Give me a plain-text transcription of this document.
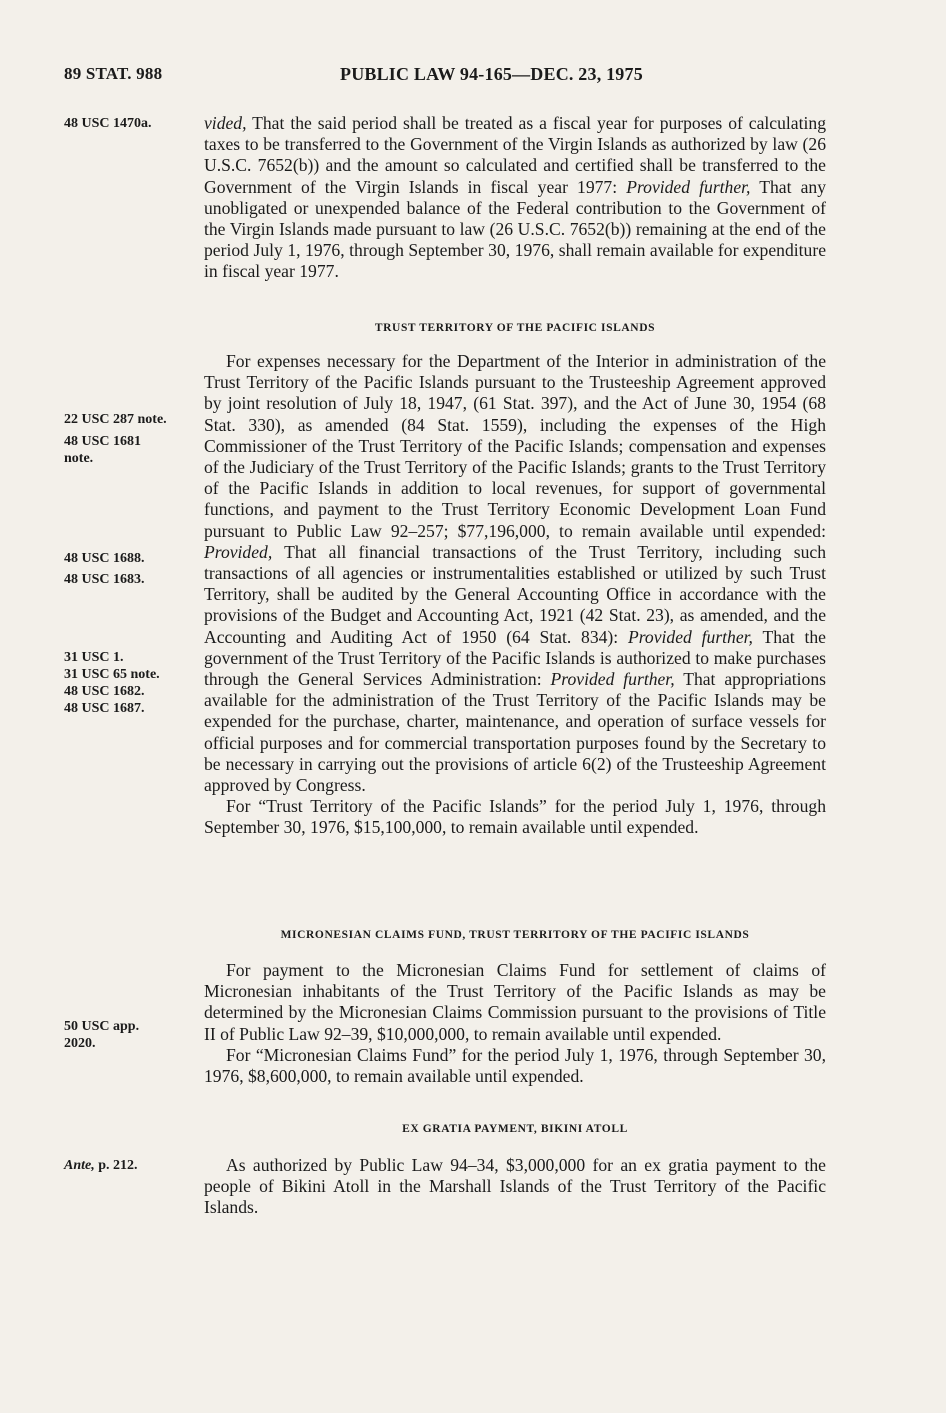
89 STAT. 988	PUBLIC LAW 94-165—DEC. 23, 1975
48 USC 1470a.
22 USC 287 note.
48 USC 1681
note.
48 USC 1688.
48 USC 1683.
31 USC 1.
31 USC 65 note.
48 USC 1682.
48 USC 1687.
50 USC app.
2020.
Ante, p. 212.

vided, That the said period shall be treated as a fiscal year for purposes of calculating taxes to be transferred to the Government of the Virgin Islands as authorized by law (26 U.S.C. 7652(b)) and the amount so calculated and certified shall be transferred to the Government of the Virgin Islands in fiscal year 1977: Provided further, That any unobligated or unexpended balance of the Federal contribution to the Government of the Virgin Islands made pursuant to law (26 U.S.C. 7652(b)) remaining at the end of the period July 1, 1976, through September 30, 1976, shall remain available for expenditure in fiscal year 1977.

TRUST TERRITORY OF THE PACIFIC ISLANDS

For expenses necessary for the Department of the Interior in administration of the Trust Territory of the Pacific Islands pursuant to the Trusteeship Agreement approved by joint resolution of July 18, 1947, (61 Stat. 397), and the Act of June 30, 1954 (68 Stat. 330), as amended (84 Stat. 1559), including the expenses of the High Commissioner of the Trust Territory of the Pacific Islands; compensation and expenses of the Judiciary of the Trust Territory of the Pacific Islands; grants to the Trust Territory of the Pacific Islands in addition to local revenues, for support of governmental functions, and payment to the Trust Territory Economic Development Loan Fund pursuant to Public Law 92–257; $77,196,000, to remain available until expended: Provided, That all financial transactions of the Trust Territory, including such transactions of all agencies or instrumentalities established or utilized by such Trust Territory, shall be audited by the General Accounting Office in accordance with the provisions of the Budget and Accounting Act, 1921 (42 Stat. 23), as amended, and the Accounting and Auditing Act of 1950 (64 Stat. 834): Provided further, That the government of the Trust Territory of the Pacific Islands is authorized to make purchases through the General Services Administration: Provided further, That appropriations available for the administration of the Trust Territory of the Pacific Islands may be expended for the purchase, charter, maintenance, and operation of surface vessels for official purposes and for commercial transportation purposes found by the Secretary to be necessary in carrying out the provisions of article 6(2) of the Trusteeship Agreement approved by Congress.

For “Trust Territory of the Pacific Islands” for the period July 1, 1976, through September 30, 1976, $15,100,000, to remain available until expended.

MICRONESIAN CLAIMS FUND, TRUST TERRITORY OF THE PACIFIC ISLANDS

For payment to the Micronesian Claims Fund for settlement of claims of Micronesian inhabitants of the Trust Territory of the Pacific Islands as may be determined by the Micronesian Claims Commission pursuant to the provisions of Title II of Public Law 92–39, $10,000,000, to remain available until expended.

For “Micronesian Claims Fund” for the period July 1, 1976, through September 30, 1976, $8,600,000, to remain available until expended.

EX GRATIA PAYMENT, BIKINI ATOLL

As authorized by Public Law 94–34, $3,000,000 for an ex gratia payment to the people of Bikini Atoll in the Marshall Islands of the Trust Territory of the Pacific Islands.
